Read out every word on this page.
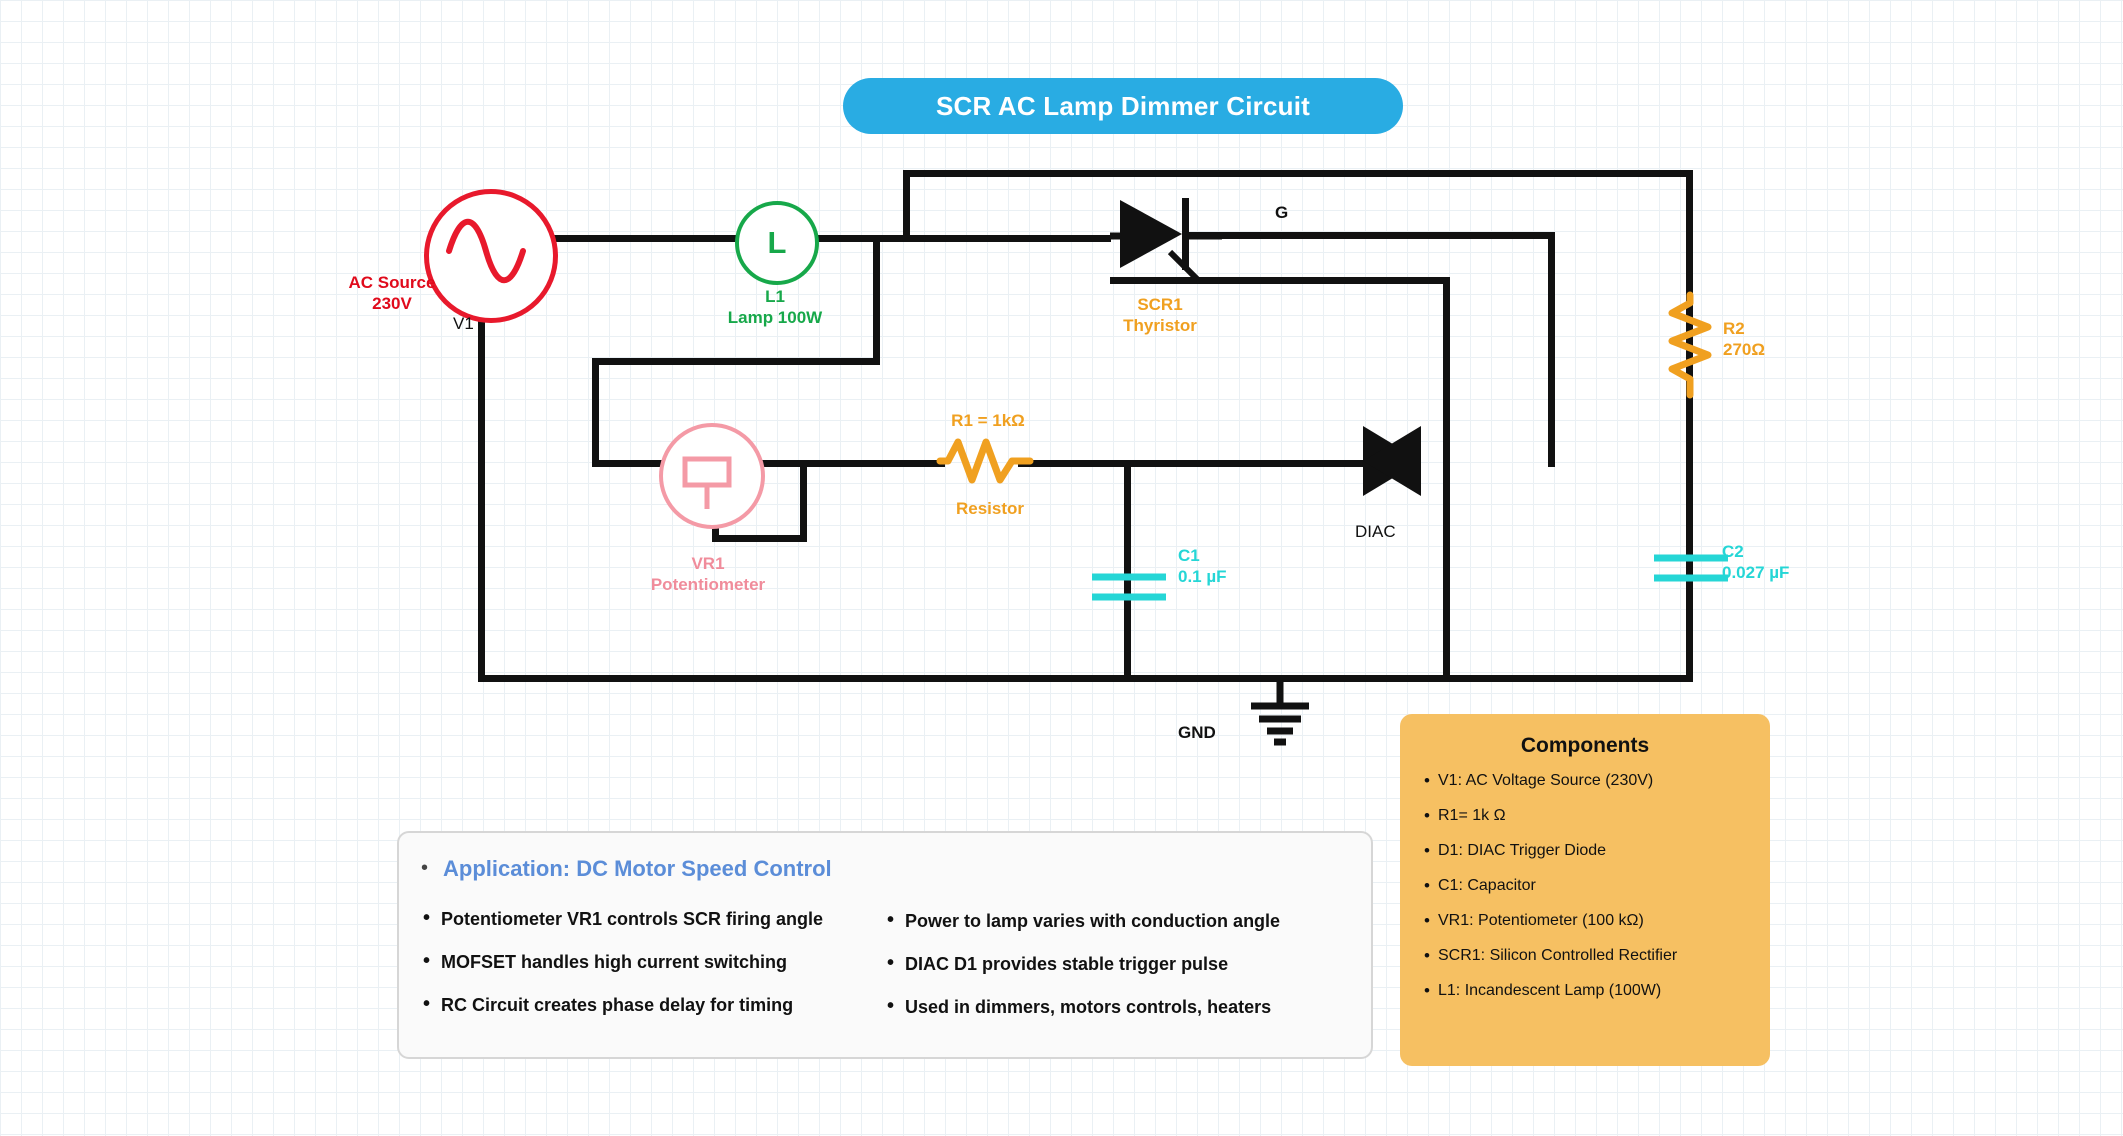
SCR AC Lamp Dimmer Circuit
AC Source
230V
V1
L
L1
Lamp 100W
SCR1
Thyristor
G
DIAC
R2
270Ω
R1 = 1kΩ
Resistor
VR1
Potentiometer
C1
0.1 µF
C2
0.027 µF
GND
Components
• V1: AC Voltage Source (230V)
• R1= 1k Ω
• D1: DIAC Trigger Diode
• C1: Capacitor
• VR1: Potentiometer (100 kΩ)
• SCR1: Silicon Controlled Rectifier
• L1: Incandescent Lamp (100W)
• Application: DC Motor Speed Control
• Potentiometer VR1 controls SCR firing angle
• MOFSET handles high current switching
• RC Circuit creates phase delay for timing
• Power to lamp varies with conduction angle
• DIAC D1 provides stable trigger pulse
• Used in dimmers, motors controls, heaters
